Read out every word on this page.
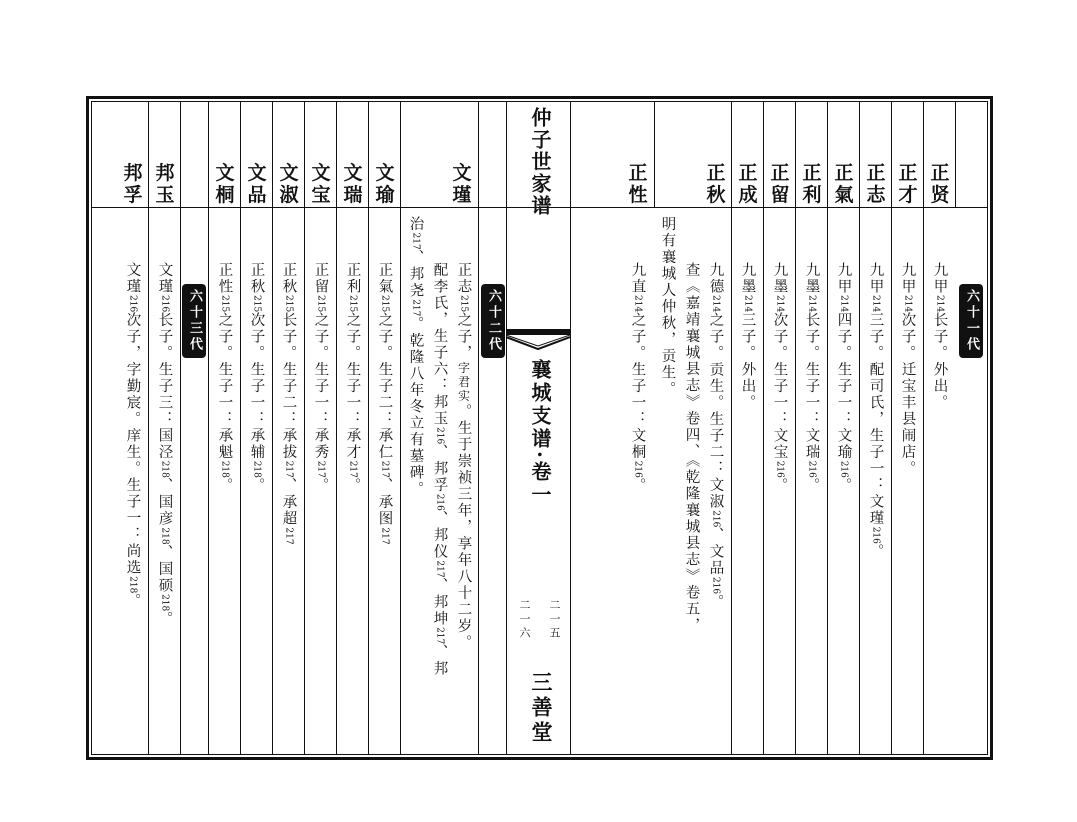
正贤
正才
正志
正氣
正利
正留
正成
正秋
正性
六十一代
九甲214长子。外出。
九甲214次子。迁宝丰县闹店。
九甲214三子。配司氏，生子一：文瑾216。
九甲214四子。生子一：文瑜216。
九墨214长子。生子一：文瑞216。
九墨214次子。生子一：文宝216。
九墨214三子。外出。
九德214之子。贡生。生子二：文淑216、文品216。
查《嘉靖襄城县志》卷四、《乾隆襄城县志》卷五，
明有襄城人仲秋，贡生。
九直214之子。生子一：文桐216。
仲子世家谱
襄城支谱·卷一
二一五
二一六
三善堂
文瑾
文瑜
文瑞
文宝
文淑
文品
文桐
邦玉
邦孚
六十二代
六十三代
正志215之子，字君实。生于崇祯三年，享年八十二岁。
配李氏，生子六：邦玉216、邦孚216、邦仪217、邦坤217、邦
治217、邦尧217。乾隆八年冬立有墓碑。
正氣215之子。生子二：承仁217、承图217
正利215之子。生子一：承才217。
正留215之子。生子一：承秀217。
正秋215长子。生子二：承拔217、承超217
正秋215次子。生子一：承辅218。
正性215之子。生子一：承魁218。
文瑾216长子。生子三：国泾218、国彦218、国硕218。
文瑾216次子，字勤宸。庠生。生子一：尚选218。
